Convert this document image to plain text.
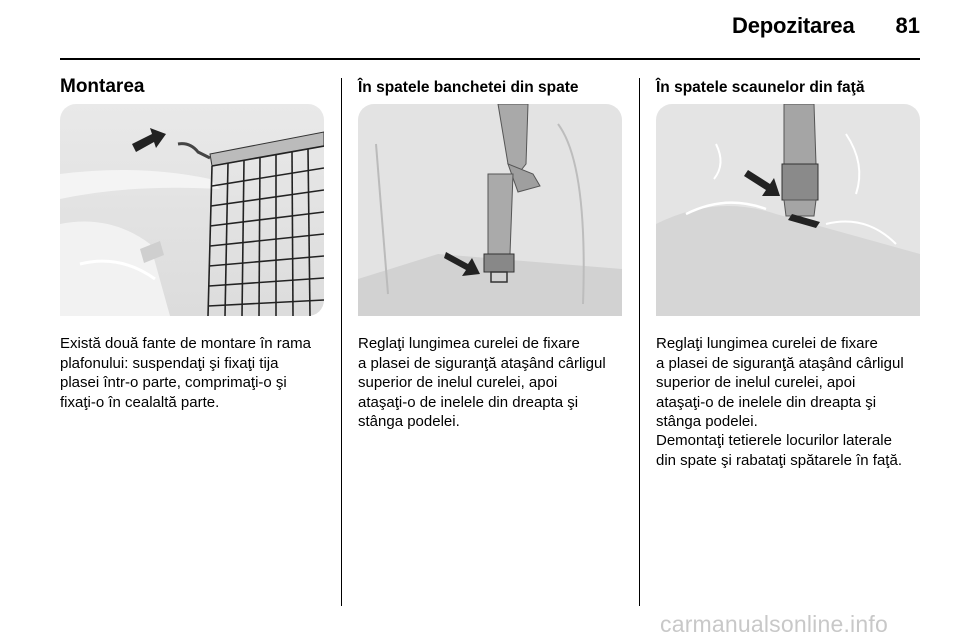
Depozitarea	81
Montarea
Există două fante de montare în rama
plafonului: suspendaţi şi fixaţi tija
plasei într-o parte, comprimaţi-o şi
fixaţi-o în cealaltă parte.
În spatele banchetei din spate
Reglaţi lungimea curelei de fixare
a plasei de siguranţă ataşând cârligul
superior de inelul curelei, apoi
ataşaţi-o de inelele din dreapta şi
stânga podelei.
În spatele scaunelor din faţă
Reglaţi lungimea curelei de fixare
a plasei de siguranţă ataşând cârligul
superior de inelul curelei, apoi
ataşaţi-o de inelele din dreapta şi
stânga podelei.
Demontaţi tetierele locurilor laterale
din spate şi rabataţi spătarele în faţă.
carmanualsonline.info
